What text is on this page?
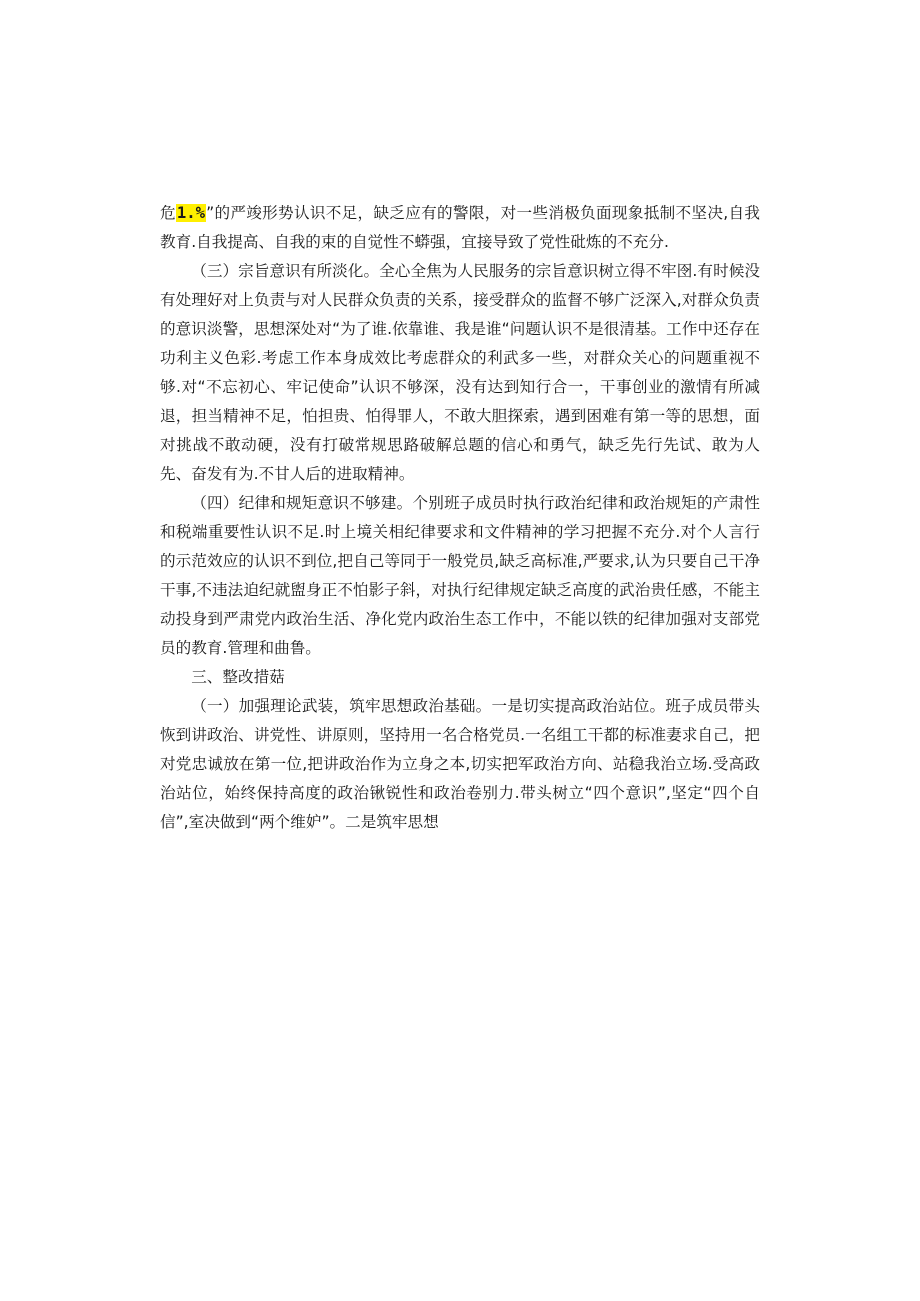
危1.%”的严竣形势认识不足，缺乏应有的警限，对一些消极负面现象抵制不坚决,自我教育.自我提高、自我的束的自觉性不蟒强，宜接导致了党性砒炼的不充分.

（三）宗旨意识有所淡化。全心全焦为人民服务的宗旨意识树立得不牢囹.有时候没有处理好对上负责与对人民群众负责的关系，接受群众的监督不够广泛深入,对群众负责的意识淡警，思想深处对“为了谁.依靠谁、我是谁“问题认识不是很清基。工作中还存在功利主义色彩.考虑工作本身成效比考虑群众的利武多一些，对群众关心的问题重视不够.对“不忘初心、牢记使命”认识不够深，没有达到知行合一，干事创业的激情有所减退，担当精神不足，怕担贵、怕得罪人，不敢大胆探索，遇到困难有第一等的思想，面对挑战不敢动硬，没有打破常规思路破解总题的信心和勇气，缺乏先行先试、敢为人先、奋发有为.不甘人后的进取精神。

（四）纪律和规矩意识不够建。个别班子成员时执行政治纪律和政治规矩的产肃性和税端重要性认识不足.时上境关相纪律要求和文件精神的学习把握不充分.对个人言行的示范效应的认识不到位,把自己等同于一般党员,缺乏高标准,严要求,认为只要自己干净干事,不违法迫纪就盥身正不怕影子斜，对执行纪律规定缺乏高度的武治贵任感，不能主动投身到严肃党内政治生活、净化党内政治生态工作中，不能以铁的纪律加强对支部党员的教育.管理和曲鲁。

三、整改措菇

（一）加强理论武装，筑牢思想政治基础。一是切实提高政治站位。班子成员带头恢到讲政治、讲党性、讲原则，坚持用一名合格党员.一名组工干都的标准妻求自己，把对党忠诚放在第一位,把讲政治作为立身之本,切实把军政治方向、站稳我治立场.受高政治站位，始终保持高度的政治锹锐性和政治卷别力.带头树立“四个意识”,坚定“四个自信”,室决做到“两个维妒”。二是筑牢思想
